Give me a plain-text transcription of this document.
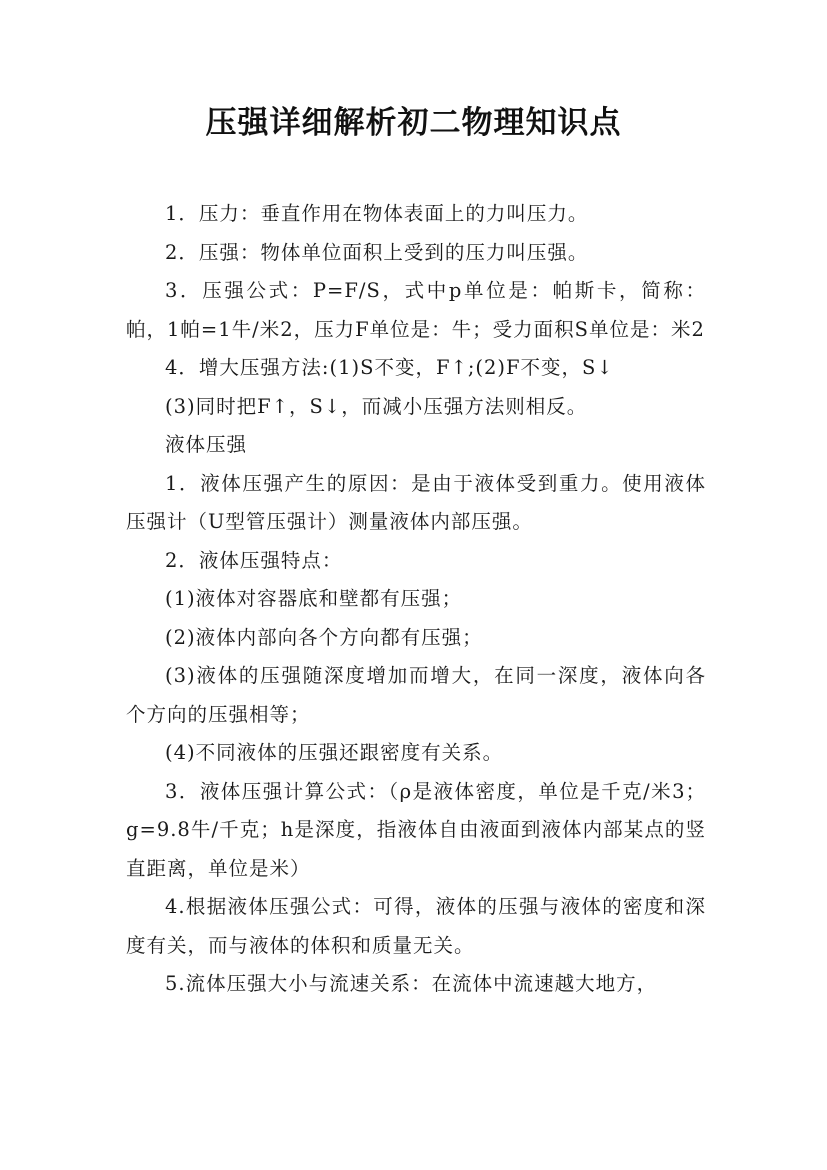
压强详细解析初二物理知识点

1．压力：垂直作用在物体表面上的力叫压力。

2．压强：物体单位面积上受到的压力叫压强。

3．压强公式：P=F/S，式中p单位是：帕斯卡，简称：帕，1帕=1牛/米2，压力F单位是：牛；受力面积S单位是：米2

4．增大压强方法:(1)S不变，F↑;(2)F不变，S↓

(3)同时把F↑，S↓，而减小压强方法则相反。

液体压强

1．液体压强产生的原因：是由于液体受到重力。使用液体压强计（U型管压强计）测量液体内部压强。

2．液体压强特点：

(1)液体对容器底和壁都有压强；

(2)液体内部向各个方向都有压强；

(3)液体的压强随深度增加而增大，在同一深度，液体向各个方向的压强相等；

(4)不同液体的压强还跟密度有关系。

3．液体压强计算公式：（ρ是液体密度，单位是千克/米3；g=9.8牛/千克；h是深度，指液体自由液面到液体内部某点的竖直距离，单位是米）

4.根据液体压强公式：可得，液体的压强与液体的密度和深度有关，而与液体的体积和质量无关。

5.流体压强大小与流速关系：在流体中流速越大地方，
